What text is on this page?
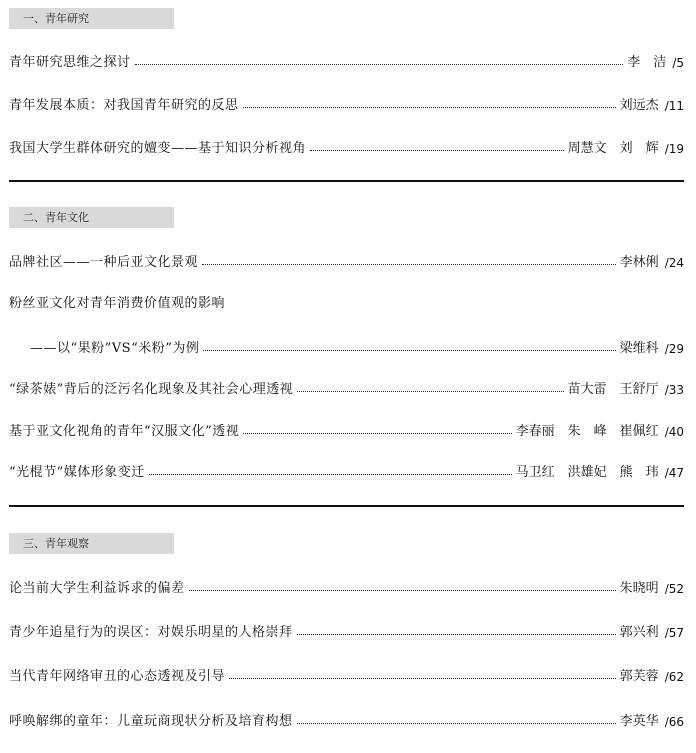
一、青年研究
青年研究思维之探讨	李　洁 /5
青年发展本质：对我国青年研究的反思	刘远杰 /11
我国大学生群体研究的嬗变——基于知识分析视角	周慧文　刘　辉 /19
二、青年文化
品牌社区——一种后亚文化景观	李林俐 /24
粉丝亚文化对青年消费价值观的影响
——以“果粉”VS“米粉”为例	梁维科 /29
“绿茶婊”背后的泛污名化现象及其社会心理透视	苗大雷　王舒厅 /33
基于亚文化视角的青年“汉服文化”透视	李春丽　朱　峰　崔佩红 /40
“光棍节”媒体形象变迁	马卫红　洪雄妃　熊　玮 /47
三、青年观察
论当前大学生利益诉求的偏差	朱晓明 /52
青少年追星行为的误区：对娱乐明星的人格崇拜	郭兴利 /57
当代青年网络审丑的心态透视及引导	郭芙蓉 /62
呼唤解绑的童年：儿童玩商现状分析及培育构想	李英华 /66
